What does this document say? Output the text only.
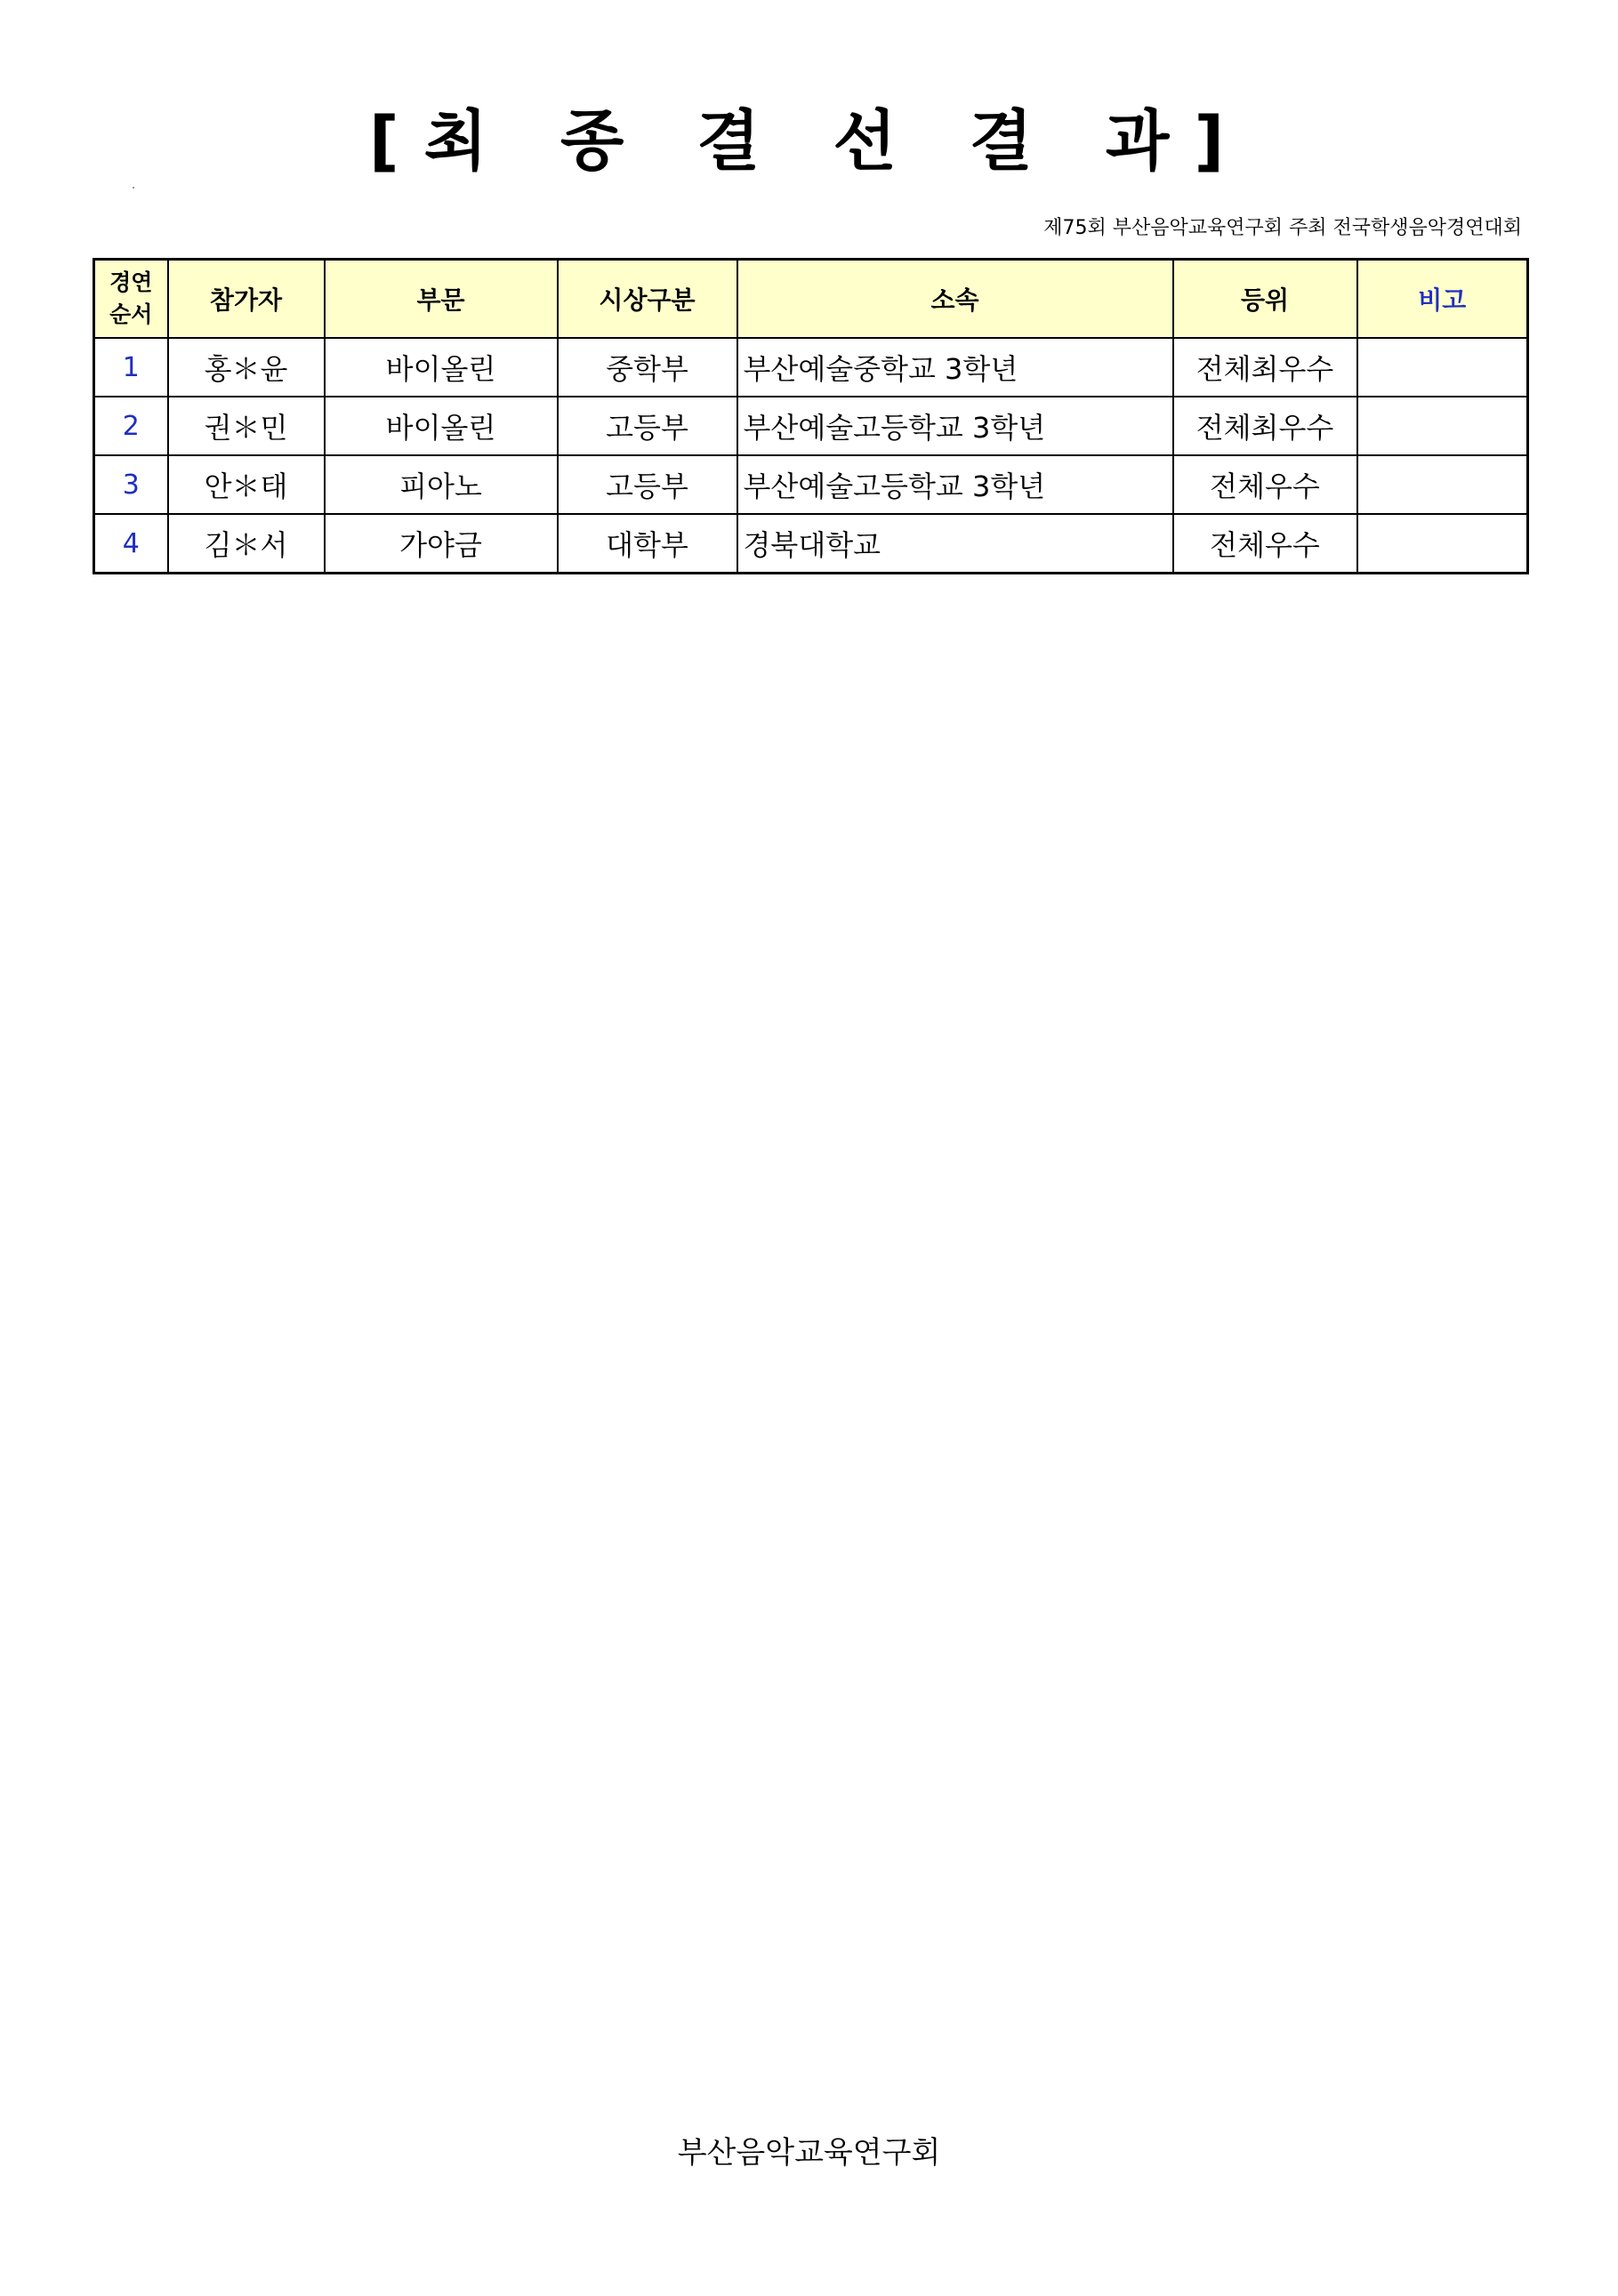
[최 종 결 선 결 과]
제75회 부산음악교육연구회 주최 전국학생음악경연대회
경연
순서	참가자	부문	시상구분	소속	등위	비고
1	홍＊윤	바이올린	중학부	부산예술중학교 3학년	전체최우수	
2	권＊민	바이올린	고등부	부산예술고등학교 3학년	전체최우수	
3	안＊태	피아노	고등부	부산예술고등학교 3학년	전체우수	
4	김＊서	가야금	대학부	경북대학교	전체우수	
부산음악교육연구회
